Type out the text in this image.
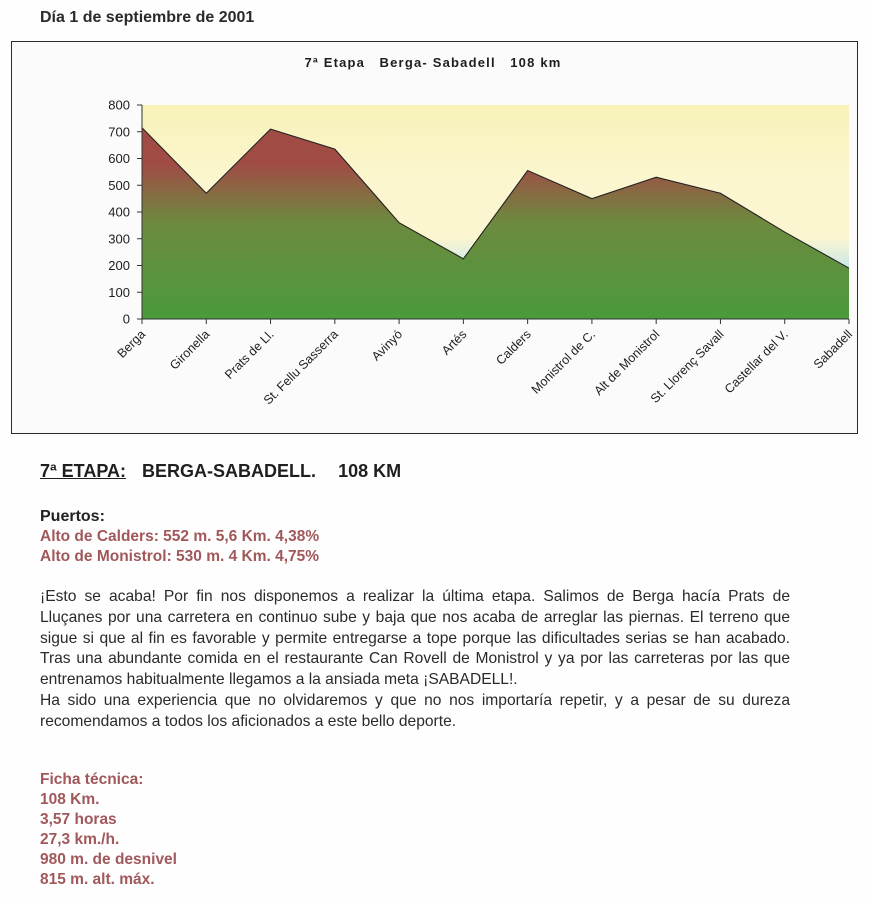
Día 1 de septiembre de 2001
7ª Etapa   Berga- Sabadell   108 km
0
100
200
300
400
500
600
700
800
Berga Gironella Prats de Ll.
St. Fellu Sasserra Avinyó	Artés Calders
Monistrol de C.
Alt de Monistrol
St. Llorenç Savall
Castellar del V. Sabadell
7ª ETAPA: BERGA-SABADELL. 108 KM
Puertos:
Alto de Calders: 552 m. 5,6 Km. 4,38%
Alto de Monistrol: 530 m. 4 Km. 4,75%

¡Esto se acaba! Por fin nos disponemos a realizar la última etapa. Salimos de Berga hacía Prats de Lluçanes por una carretera en continuo sube y baja que nos acaba de arreglar las piernas. El terreno que sigue si que al fin es favorable y permite entregarse a tope porque las dificultades serias se han acabado. Tras una abundante comida en el restaurante Can Rovell de Monistrol y ya por las carreteras por las que entrenamos habitualmente llegamos a la ansiada meta ¡SABADELL!.

Ha sido una experiencia que no olvidaremos y que no nos importaría repetir, y a pesar de su dureza recomendamos a todos los aficionados a este bello deporte.

Ficha técnica:
108 Km.
3,57 horas
27,3 km./h.
980 m. de desnivel
815 m. alt. máx.
